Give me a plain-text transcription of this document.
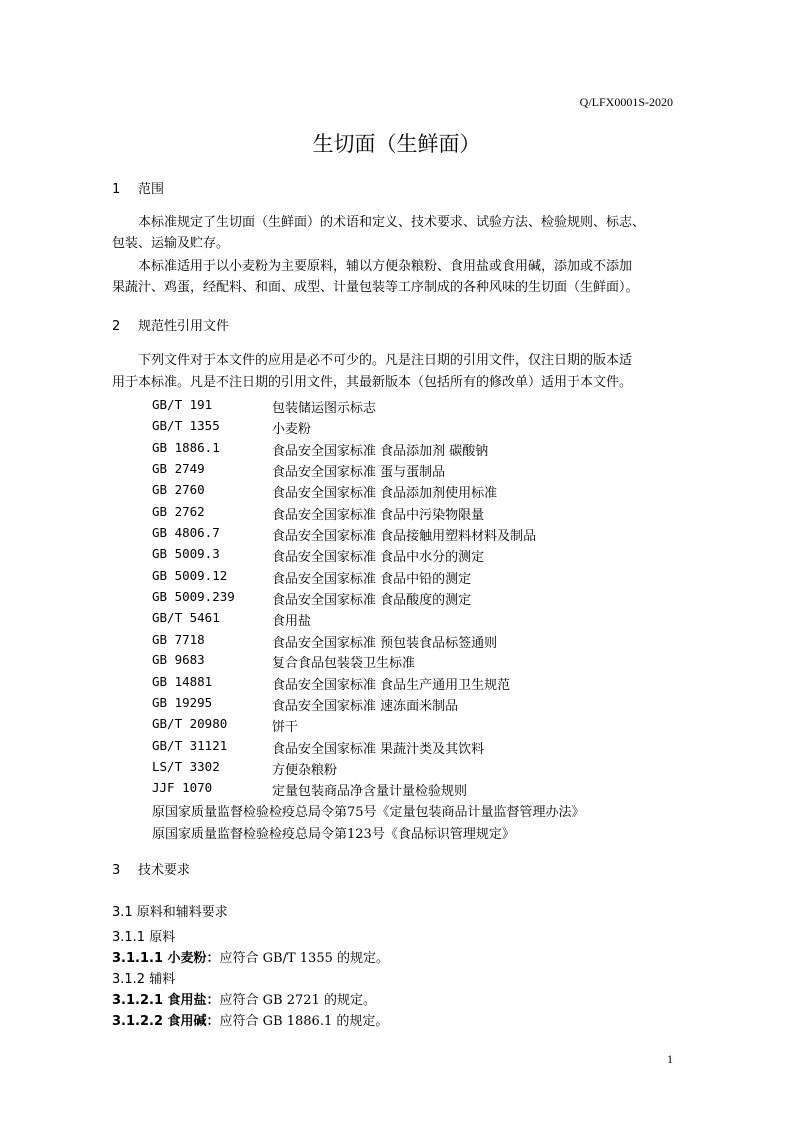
Q/LFX0001S-2020
生切面（生鲜面）
1 范围
本标准规定了生切面（生鲜面）的术语和定义、技术要求、试验方法、检验规则、标志、
包装、运输及贮存。
本标准适用于以小麦粉为主要原料，辅以方便杂粮粉、食用盐或食用碱，添加或不添加
果蔬汁、鸡蛋，经配料、和面、成型、计量包装等工序制成的各种风味的生切面（生鲜面）。
2 规范性引用文件
下列文件对于本文件的应用是必不可少的。凡是注日期的引用文件，仅注日期的版本适
用于本标准。凡是不注日期的引用文件，其最新版本（包括所有的修改单）适用于本文件。
GB/T 191	包装储运图示标志
GB/T 1355	小麦粉
GB 1886.1	食品安全国家标准 食品添加剂 碳酸钠
GB 2749	食品安全国家标准 蛋与蛋制品
GB 2760	食品安全国家标准 食品添加剂使用标准
GB 2762	食品安全国家标准 食品中污染物限量
GB 4806.7	食品安全国家标准 食品接触用塑料材料及制品
GB 5009.3	食品安全国家标准 食品中水分的测定
GB 5009.12	食品安全国家标准 食品中铅的测定
GB 5009.239	食品安全国家标准 食品酸度的测定
GB/T 5461	食用盐
GB 7718	食品安全国家标准 预包装食品标签通则
GB 9683	复合食品包装袋卫生标准
GB 14881	食品安全国家标准 食品生产通用卫生规范
GB 19295	食品安全国家标准 速冻面米制品
GB/T 20980	饼干
GB/T 31121	食品安全国家标准 果蔬汁类及其饮料
LS/T 3302	方便杂粮粉
JJF 1070	定量包装商品净含量计量检验规则
原国家质量监督检验检疫总局令第75号《定量包装商品计量监督管理办法》
原国家质量监督检验检疫总局令第123号《食品标识管理规定》
3 技术要求
3.1 原料和辅料要求
3.1.1 原料
3.1.1.1 小麦粉：应符合 GB/T 1355 的规定。
3.1.2 辅料
3.1.2.1 食用盐：应符合 GB 2721 的规定。
3.1.2.2 食用碱：应符合 GB 1886.1 的规定。
1
